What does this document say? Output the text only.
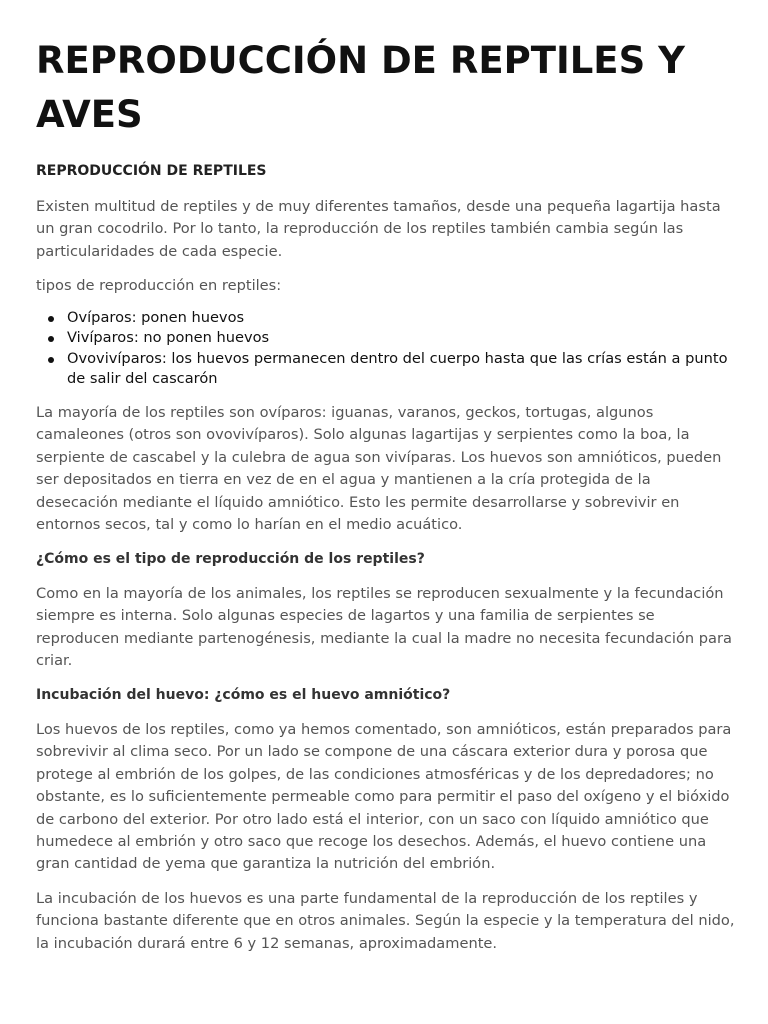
REPRODUCCIÓN DE REPTILES Y AVES
REPRODUCCIÓN DE REPTILES

Existen multitud de reptiles y de muy diferentes tamaños, desde una pequeña lagartija hasta un gran cocodrilo. Por lo tanto, la reproducción de los reptiles también cambia según las particularidades de cada especie.

tipos de reproducción en reptiles:

Ovíparos: ponen huevos
Vivíparos: no ponen huevos
Ovovivíparos: los huevos permanecen dentro del cuerpo hasta que las crías están a punto de salir del cascarón

La mayoría de los reptiles son ovíparos: iguanas, varanos, geckos, tortugas, algunos camaleones (otros son ovovivíparos). Solo algunas lagartijas y serpientes como la boa, la serpiente de cascabel y la culebra de agua son vivíparas. Los huevos son amnióticos, pueden ser depositados en tierra en vez de en el agua y mantienen a la cría protegida de la desecación mediante el líquido amniótico. Esto les permite desarrollarse y sobrevivir en entornos secos, tal y como lo harían en el medio acuático.

¿Cómo es el tipo de reproducción de los reptiles?

Como en la mayoría de los animales, los reptiles se reproducen sexualmente y la fecundación siempre es interna. Solo algunas especies de lagartos y una familia de serpientes se reproducen mediante partenogénesis, mediante la cual la madre no necesita fecundación para criar.

Incubación del huevo: ¿cómo es el huevo amniótico?

Los huevos de los reptiles, como ya hemos comentado, son amnióticos, están preparados para sobrevivir al clima seco. Por un lado se compone de una cáscara exterior dura y porosa que protege al embrión de los golpes, de las condiciones atmosféricas y de los depredadores; no obstante, es lo suficientemente permeable como para permitir el paso del oxígeno y el bióxido de carbono del exterior. Por otro lado está el interior, con un saco con líquido amniótico que humedece al embrión y otro saco que recoge los desechos. Además, el huevo contiene una gran cantidad de yema que garantiza la nutrición del embrión.

La incubación de los huevos es una parte fundamental de la reproducción de los reptiles y funciona bastante diferente que en otros animales. Según la especie y la temperatura del nido, la incubación durará entre 6 y 12 semanas, aproximadamente.
